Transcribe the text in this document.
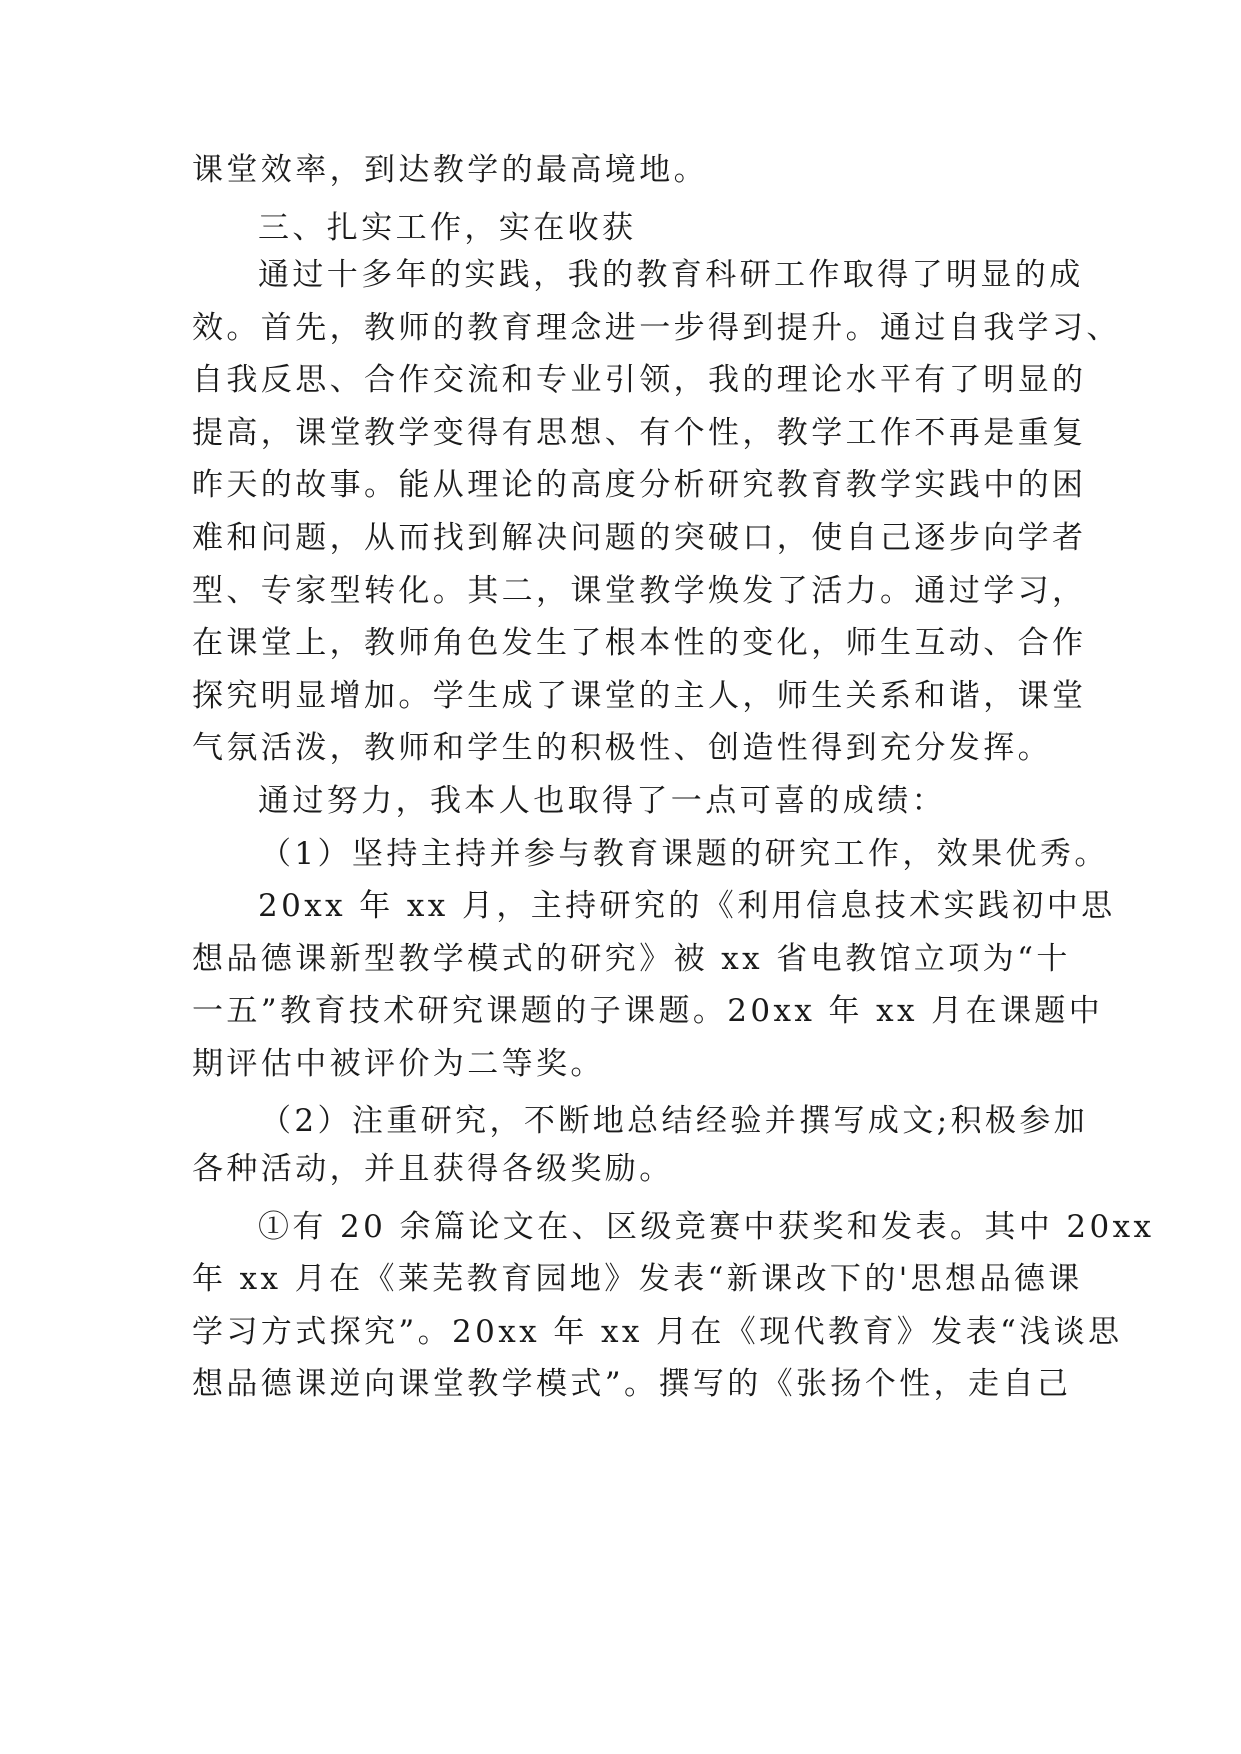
课堂效率，到达教学的最高境地。
三、扎实工作，实在收获
通过十多年的实践，我的教育科研工作取得了明显的成
效。首先，教师的教育理念进一步得到提升。通过自我学习、
自我反思、合作交流和专业引领，我的理论水平有了明显的
提高，课堂教学变得有思想、有个性，教学工作不再是重复
昨天的故事。能从理论的高度分析研究教育教学实践中的困
难和问题，从而找到解决问题的突破口，使自己逐步向学者
型、专家型转化。其二，课堂教学焕发了活力。通过学习，
在课堂上，教师角色发生了根本性的变化，师生互动、合作
探究明显增加。学生成了课堂的主人，师生关系和谐，课堂
气氛活泼，教师和学生的积极性、创造性得到充分发挥。
通过努力，我本人也取得了一点可喜的成绩：
（1）坚持主持并参与教育课题的研究工作，效果优秀。
20xx 年 xx 月，主持研究的《利用信息技术实践初中思
想品德课新型教学模式的研究》被 xx 省电教馆立项为“十
一五”教育技术研究课题的子课题。20xx 年 xx 月在课题中
期评估中被评价为二等奖。
（2）注重研究，不断地总结经验并撰写成文;积极参加
各种活动，并且获得各级奖励。
①有 20 余篇论文在、区级竞赛中获奖和发表。其中 20xx
年 xx 月在《莱芜教育园地》发表“新课改下的'思想品德课
学习方式探究”。20xx 年 xx 月在《现代教育》发表“浅谈思
想品德课逆向课堂教学模式”。撰写的《张扬个性，走自己
